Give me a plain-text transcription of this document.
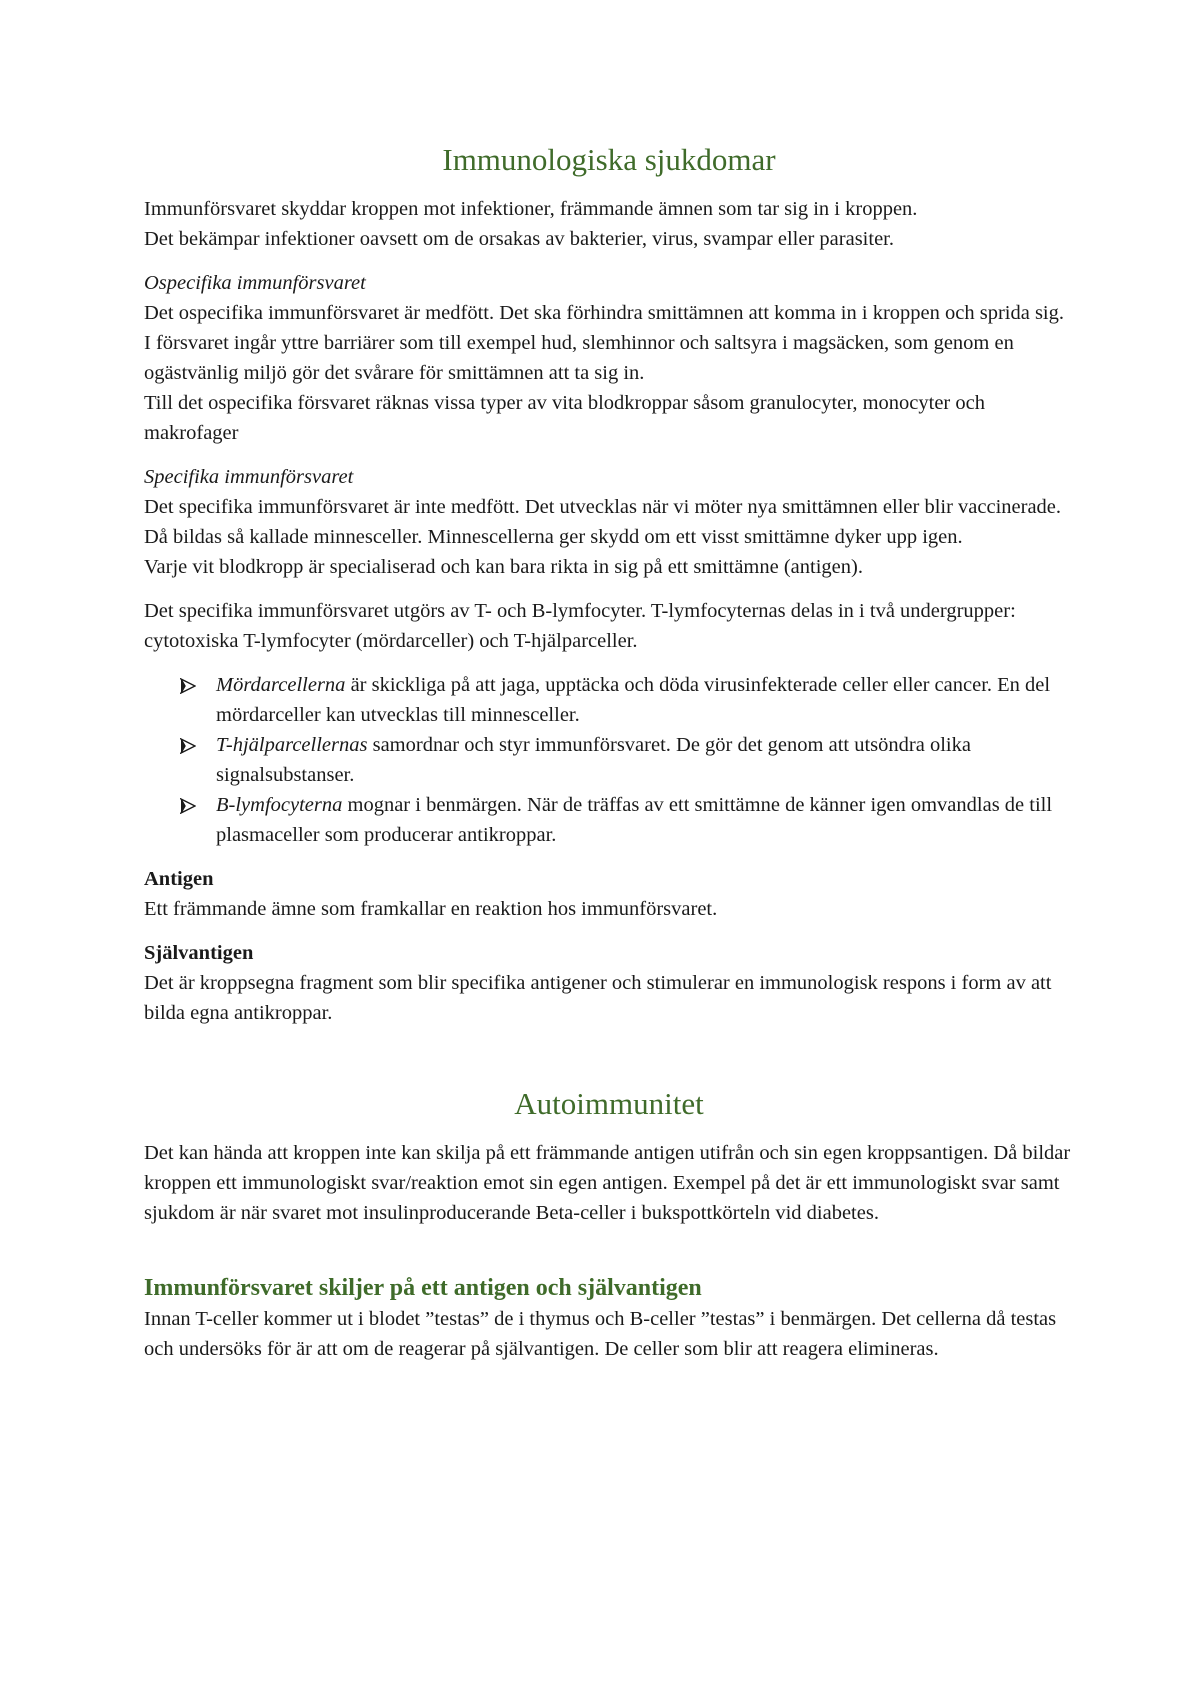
Immunologiska sjukdomar

Immunförsvaret skyddar kroppen mot infektioner, främmande ämnen som tar sig in i kroppen.

Det bekämpar infektioner oavsett om de orsakas av bakterier, virus, svampar eller parasiter.

Ospecifika immunförsvaret

Det ospecifika immunförsvaret är medfött. Det ska förhindra smittämnen att komma in i kroppen och sprida sig. I försvaret ingår yttre barriärer som till exempel hud, slemhinnor och saltsyra i magsäcken, som genom en ogästvänlig miljö gör det svårare för smittämnen att ta sig in.

Till det ospecifika försvaret räknas vissa typer av vita blodkroppar såsom granulocyter, monocyter och makrofager

Specifika immunförsvaret

Det specifika immunförsvaret är inte medfött. Det utvecklas när vi möter nya smittämnen eller blir vaccinerade. Då bildas så kallade minnesceller. Minnescellerna ger skydd om ett visst smittämne dyker upp igen.

Varje vit blodkropp är specialiserad och kan bara rikta in sig på ett smittämne (antigen).

Det specifika immunförsvaret utgörs av T- och B-lymfocyter. T-lymfocyternas delas in i två undergrupper: cytotoxiska T-lymfocyter (mördarceller) och T-hjälparceller.

Mördarcellerna är skickliga på att jaga, upptäcka och döda virusinfekterade celler eller cancer. En del mördarceller kan utvecklas till minnesceller.
T-hjälparcellernas samordnar och styr immunförsvaret. De gör det genom att utsöndra olika signalsubstanser.
B-lymfocyterna mognar i benmärgen. När de träffas av ett smittämne de känner igen omvandlas de till plasmaceller som producerar antikroppar.
Antigen

Ett främmande ämne som framkallar en reaktion hos immunförsvaret.

Självantigen

Det är kroppsegna fragment som blir specifika antigener och stimulerar en immunologisk respons i form av att bilda egna antikroppar.

Autoimmunitet

Det kan hända att kroppen inte kan skilja på ett främmande antigen utifrån och sin egen kroppsantigen. Då bildar kroppen ett immunologiskt svar/reaktion emot sin egen antigen. Exempel på det är ett immunologiskt svar samt sjukdom är när svaret mot insulinproducerande Beta-celler i bukspottkörteln vid diabetes.

Immunförsvaret skiljer på ett antigen och självantigen

Innan T-celler kommer ut i blodet ”testas” de i thymus och B-celler ”testas” i benmärgen. Det cellerna då testas och undersöks för är att om de reagerar på självantigen. De celler som blir att reagera elimineras.
